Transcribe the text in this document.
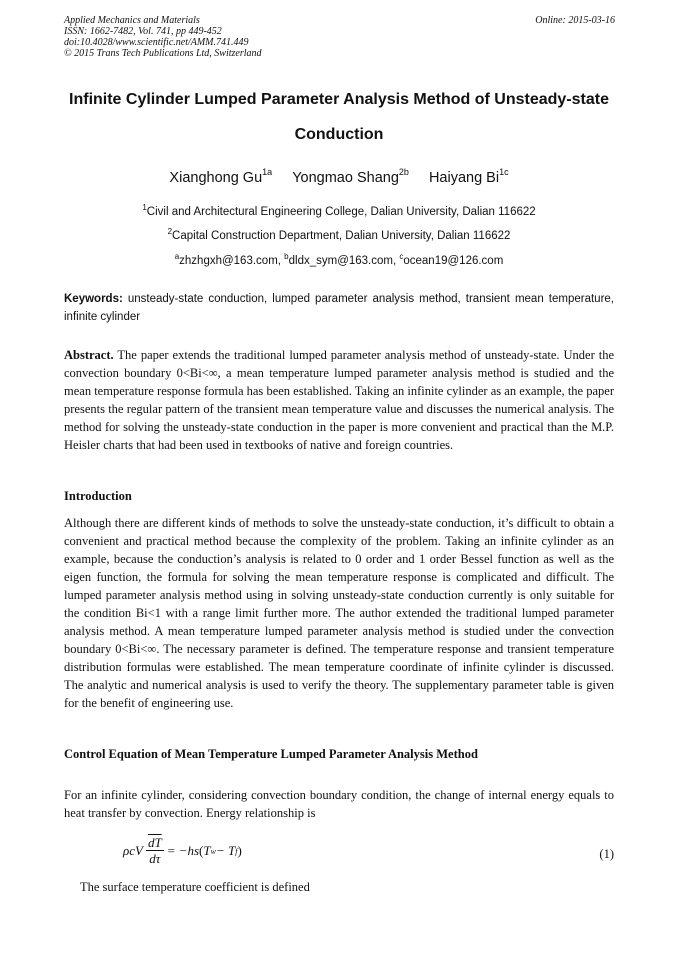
Applied Mechanics and Materials
ISSN: 1662-7482, Vol. 741, pp 449-452
doi:10.4028/www.scientific.net/AMM.741.449
© 2015 Trans Tech Publications Ltd, Switzerland
Online: 2015-03-16
Infinite Cylinder Lumped Parameter Analysis Method of Unsteady-state
Conduction
Xianghong $Gu^{1a}$ Yongmao Shang$^{2b}$ Haiyang $Bi^{1c}$
$^1$Civil and Architectural Engineering College, Dalian University, Dalian 116622
$^2$Capital Construction Department, Dalian University, Dalian 116622
$^a$zhzhgxh@163.com, $^b$dldx_sym@163.com, $^c$ocean19@126.com
Keywords: unsteady-state conduction, lumped parameter analysis method, transient mean temperature, infinite cylinder
Abstract. The paper extends the traditional lumped parameter analysis method of unsteady-state. Under the convection boundary 0<Bi<∞, a mean temperature lumped parameter analysis method is studied and the mean temperature response formula has been established. Taking an infinite cylinder as an example, the paper presents the regular pattern of the transient mean temperature value and discusses the numerical analysis. The method for solving the unsteady-state conduction in the paper is more convenient and practical than the M.P. Heisler charts that had been used in textbooks of native and foreign countries.
Introduction
Although there are different kinds of methods to solve the unsteady-state conduction, it’s difficult to obtain a convenient and practical method because the complexity of the problem. Taking an infinite cylinder as an example, because the conduction’s analysis is related to 0 order and 1 order Bessel function as well as the eigen function, the formula for solving the mean temperature response is complicated and difficult. The lumped parameter analysis method using in solving unsteady-state conduction currently is only suitable for the condition Bi<1 with a range limit further more. The author extended the traditional lumped parameter analysis method. A mean temperature lumped parameter analysis method is studied under the convection boundary 0<Bi<∞. The necessary parameter is defined. The temperature response and transient temperature distribution formulas were established. The mean temperature coordinate of infinite cylinder is discussed. The analytic and numerical analysis is used to verify the theory. The supplementary parameter table is given for the benefit of engineering use.
Control Equation of Mean Temperature Lumped Parameter Analysis Method
For an infinite cylinder, considering convection boundary condition, the change of internal energy equals to heat transfer by convection. Energy relationship is
ρcV $\frac{\overline{dT}}{d\tau} = -hs$ ( T w − T f )	(1)
The surface temperature coefficient is defined
